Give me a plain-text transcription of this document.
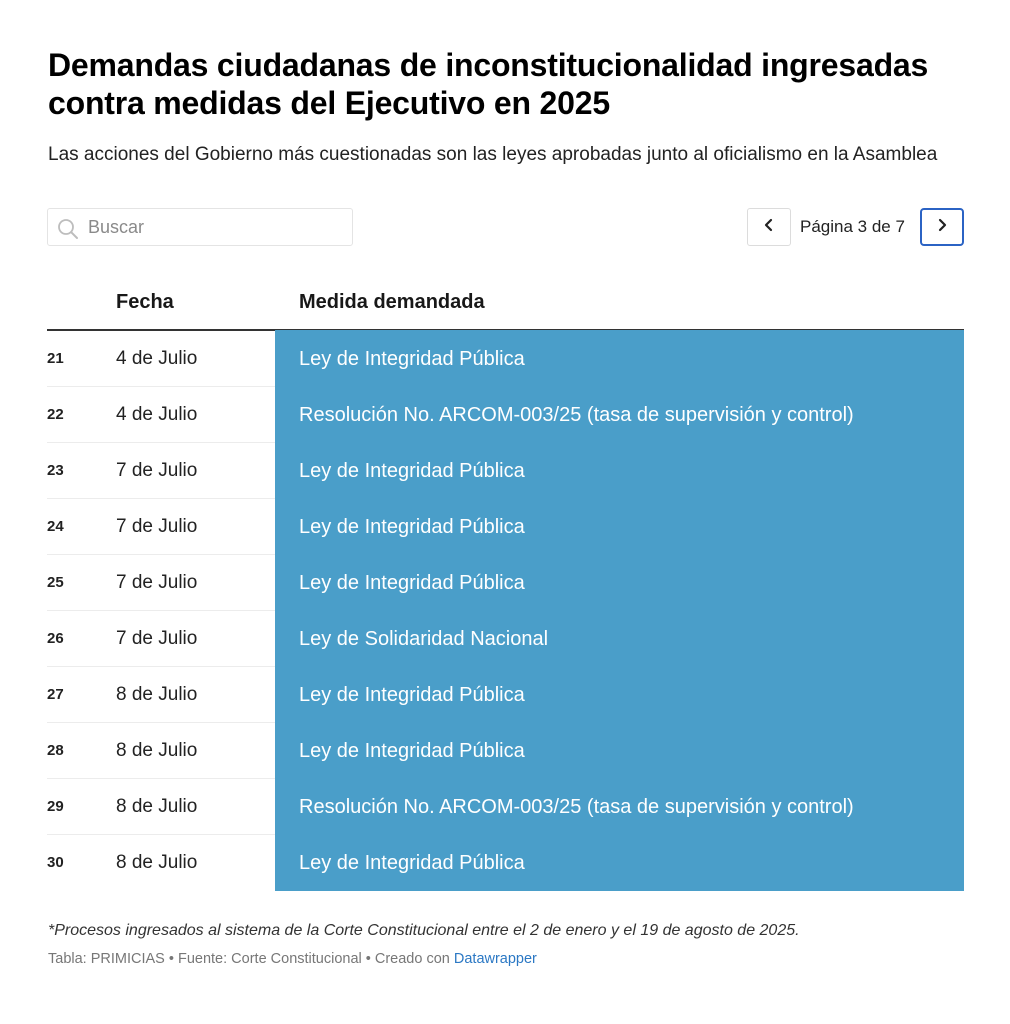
Demandas ciudadanas de inconstitucionalidad ingresadas contra medidas del Ejecutivo en 2025

Las acciones del Gobierno más cuestionadas son las leyes aprobadas junto al oficialismo en la Asamblea

Buscar
Página 3 de 7
Fecha	Medida demandada
21	4 de Julio	Ley de Integridad Pública
22	4 de Julio	Resolución No. ARCOM-003/25 (tasa de supervisión y control)
23	7 de Julio	Ley de Integridad Pública
24	7 de Julio	Ley de Integridad Pública
25	7 de Julio	Ley de Integridad Pública
26	7 de Julio	Ley de Solidaridad Nacional
27	8 de Julio	Ley de Integridad Pública
28	8 de Julio	Ley de Integridad Pública
29	8 de Julio	Resolución No. ARCOM-003/25 (tasa de supervisión y control)
30	8 de Julio	Ley de Integridad Pública

*Procesos ingresados al sistema de la Corte Constitucional entre el 2 de enero y el 19 de agosto de 2025.

Tabla: PRIMICIAS • Fuente: Corte Constitucional • Creado con Datawrapper
